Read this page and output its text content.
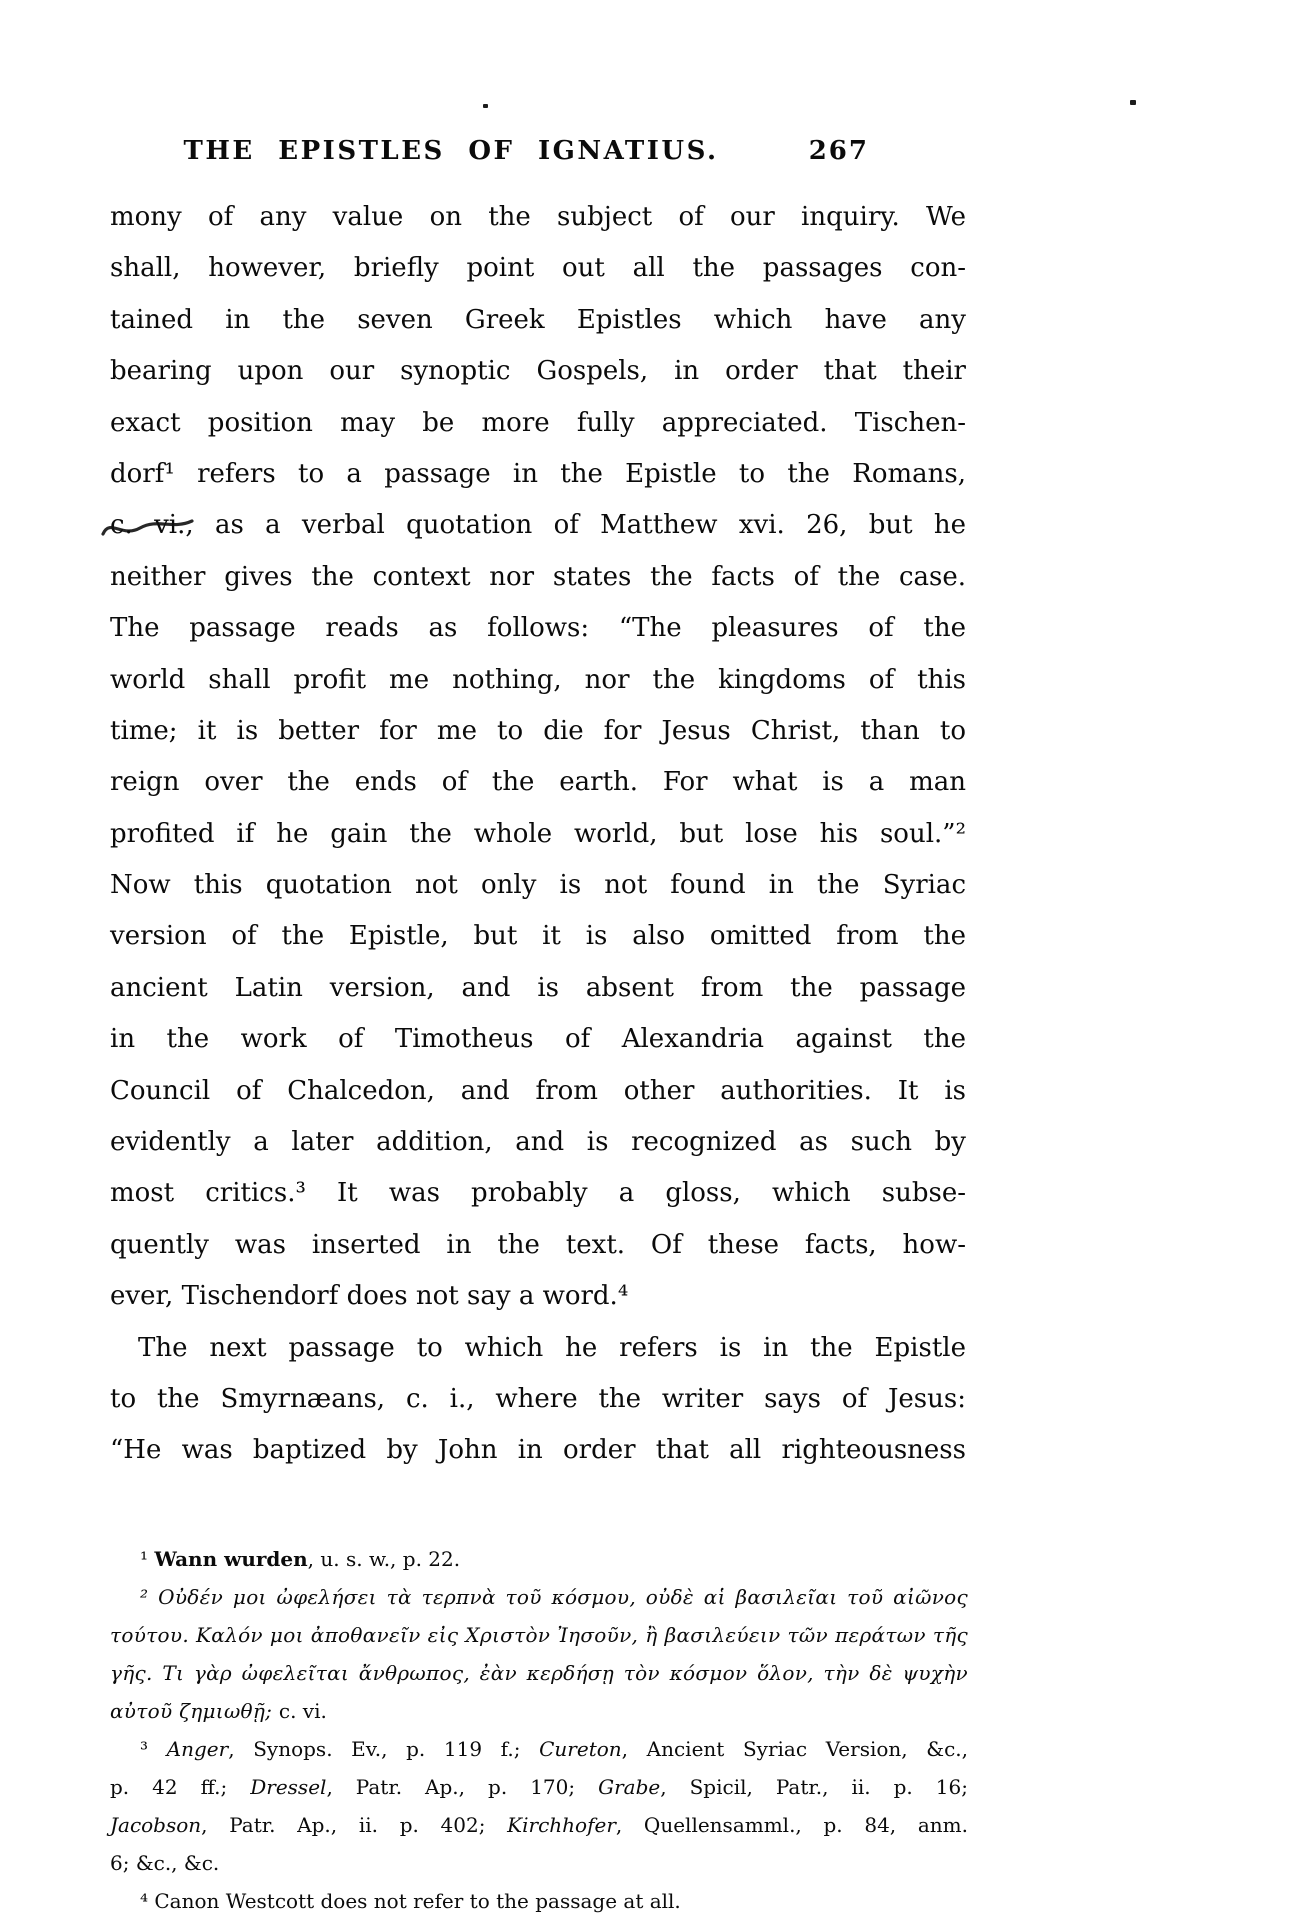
THE EPISTLES OF IGNATIUS.	267
mony of any value on the subject of our inquiry. We
shall, however, briefly point out all the passages con-
tained in the seven Greek Epistles which have any
bearing upon our synoptic Gospels, in order that their
exact position may be more fully appreciated. Tischen-
dorf¹ refers to a passage in the Epistle to the Romans,
c. vi., as a verbal quotation of Matthew xvi. 26, but he
neither gives the context nor states the facts of the case.
The passage reads as follows: “The pleasures of the
world shall profit me nothing, nor the kingdoms of this
time; it is better for me to die for Jesus Christ, than to
reign over the ends of the earth. For what is a man
profited if he gain the whole world, but lose his soul.”²
Now this quotation not only is not found in the Syriac
version of the Epistle, but it is also omitted from the
ancient Latin version, and is absent from the passage
in the work of Timotheus of Alexandria against the
Council of Chalcedon, and from other authorities. It is
evidently a later addition, and is recognized as such by
most critics.³ It was probably a gloss, which subse-
quently was inserted in the text. Of these facts, how-
ever, Tischendorf does not say a word.⁴
The next passage to which he refers is in the Epistle
to the Smyrnæans, c. i., where the writer says of Jesus:
“He was baptized by John in order that all righteousness
¹ Wann wurden, u. s. w., p. 22.
² Οὐδέν μοι ὠφελήσει τὰ τερπνὰ τοῦ κόσμου, οὐδὲ αἱ βασιλεῖαι τοῦ αἰῶνος
τούτου. Καλόν μοι ἀποθανεῖν εἰς Χριστὸν Ἰησοῦν, ἢ βασιλεύειν τῶν περάτων τῆς
γῆς. Τι γὰρ ὠφελεῖται ἄνθρωπος, ἐὰν κερδήσῃ τὸν κόσμον ὅλον, τὴν δὲ ψυχὴν
αὐτοῦ ζημιωθῇ; c. vi.
³ Anger, Synops. Ev., p. 119 f.; Cureton, Ancient Syriac Version, &c.,
p. 42 ff.; Dressel, Patr. Ap., p. 170; Grabe, Spicil, Patr., ii. p. 16;
Jacobson, Patr. Ap., ii. p. 402; Kirchhofer, Quellensamml., p. 84, anm.
6; &c., &c.
⁴ Canon Westcott does not refer to the passage at all.
